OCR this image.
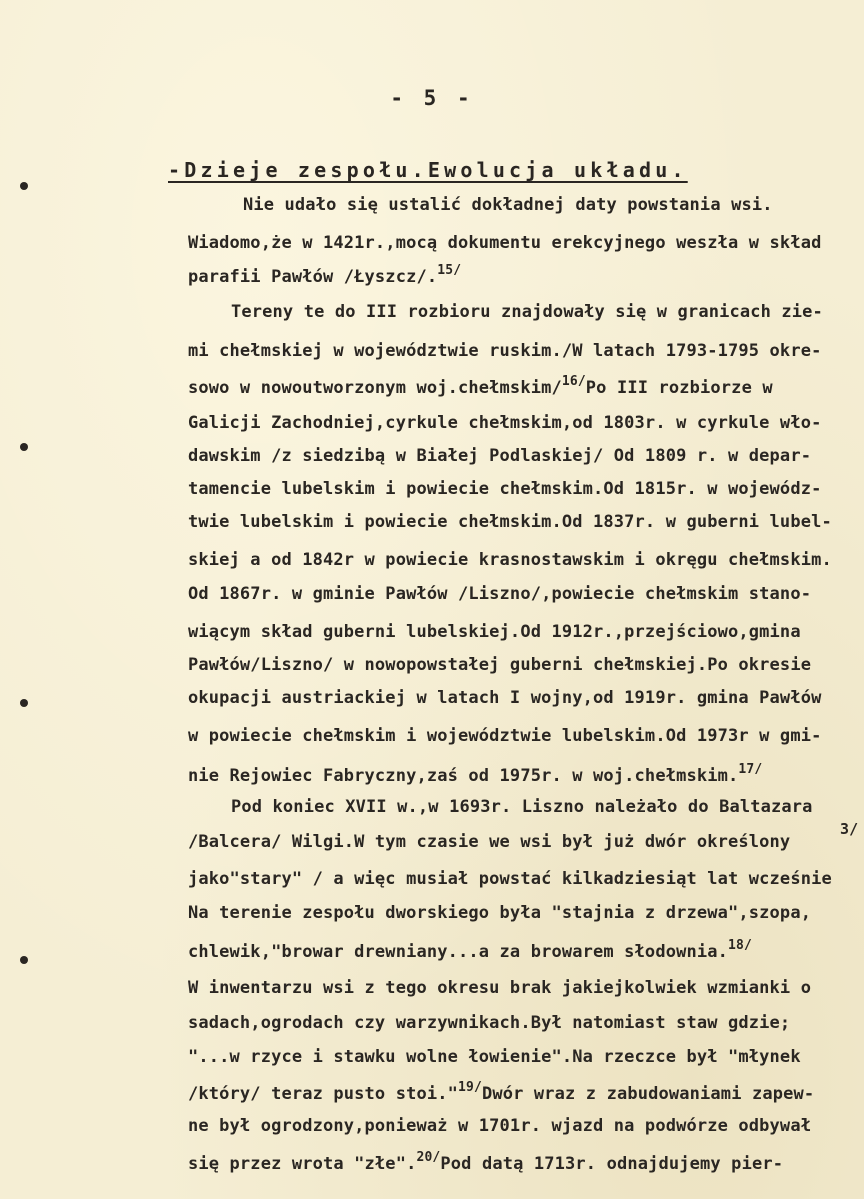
- 5 -
-Dzieje zespołu.Ewolucja układu.
Nie udało się ustalić dokładnej daty powstania wsi.
Wiadomo,że w 1421r.,mocą dokumentu erekcyjnego weszła w skład
parafii Pawłów /Łyszcz/.$^{15/}$
Tereny te do III rozbioru znajdowały się w granicach zie-
mi chełmskiej w województwie ruskim./W latach 1793-1795 okre-
sowo w nowoutworzonym woj.chełmskim/$^{16/}$Po III rozbiorze w
Galicji Zachodniej,cyrkule chełmskim,od 1803r. w cyrkule wło-
dawskim /z siedzibą w Białej Podlaskiej/ Od 1809 r. w depar-
tamencie lubelskim i powiecie chełmskim.Od 1815r. w wojewódz-
twie lubelskim i powiecie chełmskim.Od 1837r. w guberni lubel-
skiej a od 1842r w powiecie krasnostawskim i okręgu chełmskim.
Od 1867r. w gminie Pawłów /Liszno/,powiecie chełmskim stano-
wiącym skład guberni lubelskiej.Od 1912r.,przejściowo,gmina
Pawłów/Liszno/ w nowopowstałej guberni chełmskiej.Po okresie
okupacji austriackiej w latach I wojny,od 1919r. gmina Pawłów
w powiecie chełmskim i województwie lubelskim.Od 1973r w gmi-
nie Rejowiec Fabryczny,zaś od 1975r. w woj.chełmskim.$^{17/}$
Pod koniec XVII w.,w 1693r. Liszno należało do Baltazara
/Balcera/ Wilgi.W tym czasie we wsi był już dwór określony
jako"stary" / a więc musiał powstać kilkadziesiąt lat wcześnie
Na terenie zespołu dworskiego była "stajnia z drzewa",szopa,
chlewik,"browar drewniany...a za browarem słodownia.$^{18/}$
W inwentarzu wsi z tego okresu brak jakiejkolwiek wzmianki o
sadach,ogrodach czy warzywnikach.Był natomiast staw gdzie;
"...w rzyce i stawku wolne łowienie".Na rzeczce był "młynek
/który/ teraz pusto stoi."$^{19/}$Dwór wraz z zabudowaniami zapew-
ne był ogrodzony,ponieważ w 1701r. wjazd na podwórze odbywał
się przez wrota "złe".$^{20/}$Pod datą 1713r. odnajdujemy pier-
3/
